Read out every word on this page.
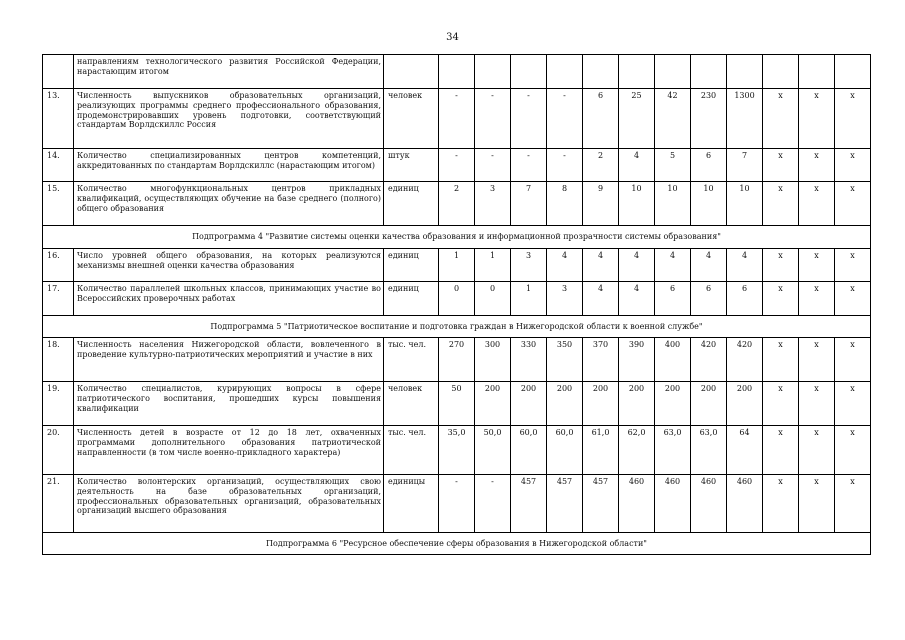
34
	направлениям технологического развития Российской Федерации, нарастающим итогом													
13.	Численность выпускников образовательных организаций, реализующих программы среднего профессионального образования, продемонстрировавших уровень подготовки, соответствующий стандартам Ворлдскиллс Россия	человек	-	-	-	-	6	25	42	230	1300	x	x	x
14.	Количество специализированных центров компетенций, аккредитованных по стандартам Ворлдскиллс (нарастающим итогом)	штук	-	-	-	-	2	4	5	6	7	x	x	x
15.	Количество многофункциональных центров прикладных квалификаций, осуществляющих обучение на базе среднего (полного) общего образования	единиц	2	3	7	8	9	10	10	10	10	x	x	x
Подпрограмма 4 "Развитие системы оценки качества образования и информационной прозрачности системы образования"														
16.	Число уровней общего образования, на которых реализуются механизмы внешней оценки качества образования	единиц	1	1	3	4	4	4	4	4	4	x	x	x
17.	Количество параллелей школьных классов, принимающих участие во Всероссийских проверочных работах	единиц	0	0	1	3	4	4	6	6	6	x	x	x
Подпрограмма 5 "Патриотическое воспитание и подготовка граждан в Нижегородской области к военной службе"														
18.	Численность населения Нижегородской области, вовлеченного в проведение культурно-патриотических мероприятий и участие в них	тыс. чел.	270	300	330	350	370	390	400	420	420	x	x	x
19.	Количество специалистов, курирующих вопросы в сфере патриотического воспитания, прошедших курсы повышения квалификации	человек	50	200	200	200	200	200	200	200	200	x	x	x
20.	Численность детей в возрасте от 12 до 18 лет, охваченных программами дополнительного образования патриотической направленности (в том числе военно-прикладного характера)	тыс. чел.	35,0	50,0	60,0	60,0	61,0	62,0	63,0	63,0	64	x	x	x
21.	Количество волонтерских организаций, осуществляющих свою деятельность на базе образовательных организаций, профессиональных образовательных организаций, образовательных организаций высшего образования	единицы	-	-	457	457	457	460	460	460	460	x	x	x
Подпрограмма 6 "Ресурсное обеспечение сферы образования в Нижегородской области"														
